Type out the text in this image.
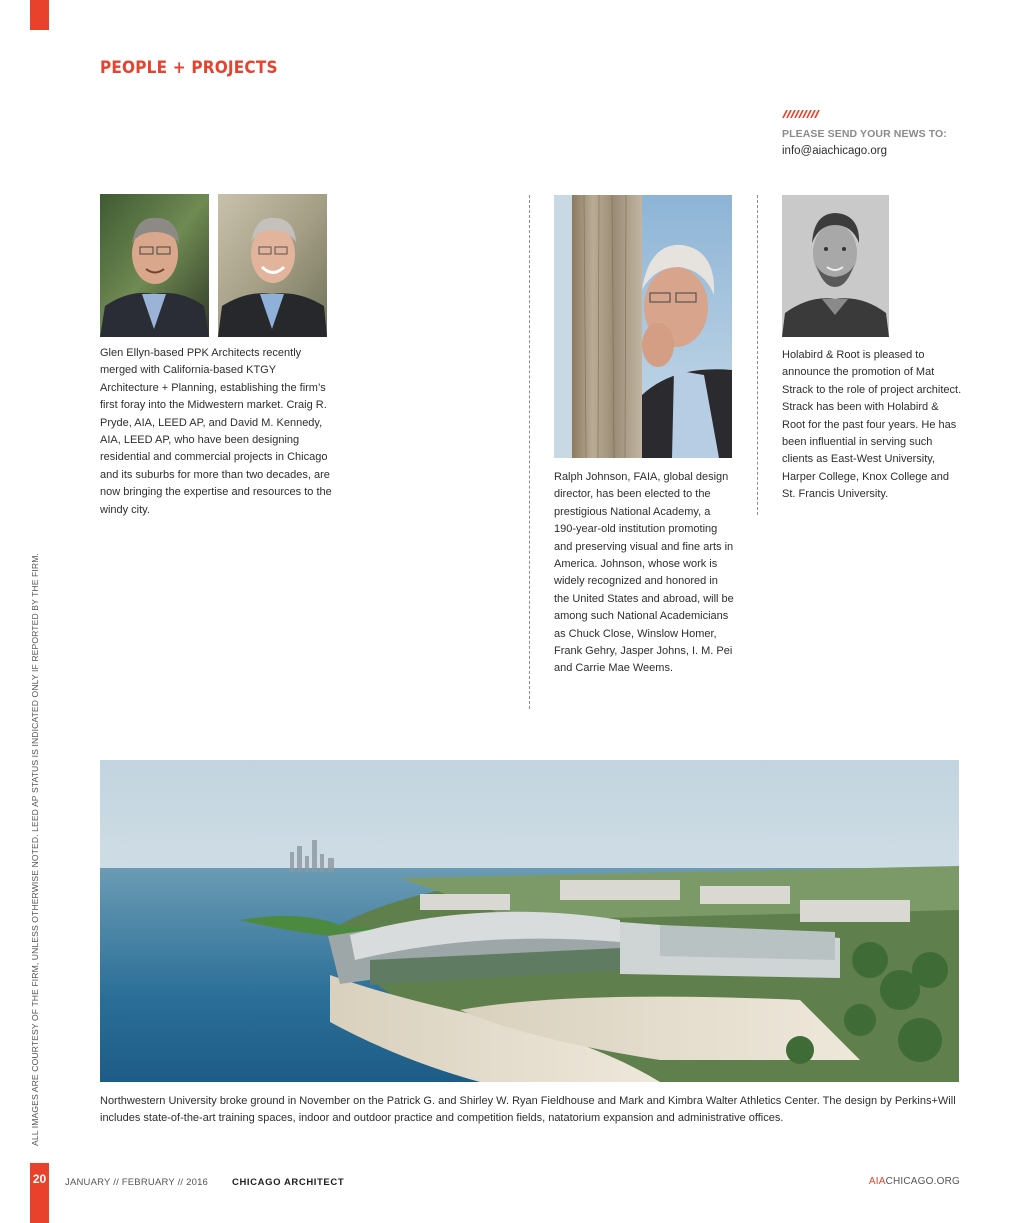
PEOPLE + PROJECTS
PLEASE SEND YOUR NEWS TO:
info@aiachicago.org

Glen Ellyn-based PPK Architects recently merged with California-based KTGY Architecture + Planning, establishing the firm’s first foray into the Midwestern market. Craig R. Pryde, AIA, LEED AP, and David M. Kennedy, AIA, LEED AP, who have been designing residential and commercial projects in Chicago and its suburbs for more than two decades, are now bringing the expertise and resources to the windy city.

Ralph Johnson, FAIA, global design director, has been elected to the prestigious National Academy, a 190-year-old institution promoting and preserving visual and fine arts in America. Johnson, whose work is widely recognized and honored in the United States and abroad, will be among such National Academicians as Chuck Close, Winslow Homer, Frank Gehry, Jasper Johns, I. M. Pei and Carrie Mae Weems.

Holabird & Root is pleased to announce the promotion of Mat Strack to the role of project architect. Strack has been with Holabird & Root for the past four years. He has been influential in serving such clients as East-West University, Harper College, Knox College and St. Francis University.

Northwestern University broke ground in November on the Patrick G. and Shirley W. Ryan Fieldhouse and Mark and Kimbra Walter Athletics Center. The design by Perkins+Will includes state-of-the-art training spaces, indoor and outdoor practice and competition fields, natatorium expansion and administrative offices.
ALL IMAGES ARE COURTESY OF THE FIRM, UNLESS OTHERWISE NOTED. LEED AP STATUS IS INDICATED ONLY IF REPORTED BY THE FIRM.
20 JANUARY // FEBRUARY // 2016	CHICAGO ARCHITECT	AIACHICAGO.ORG
